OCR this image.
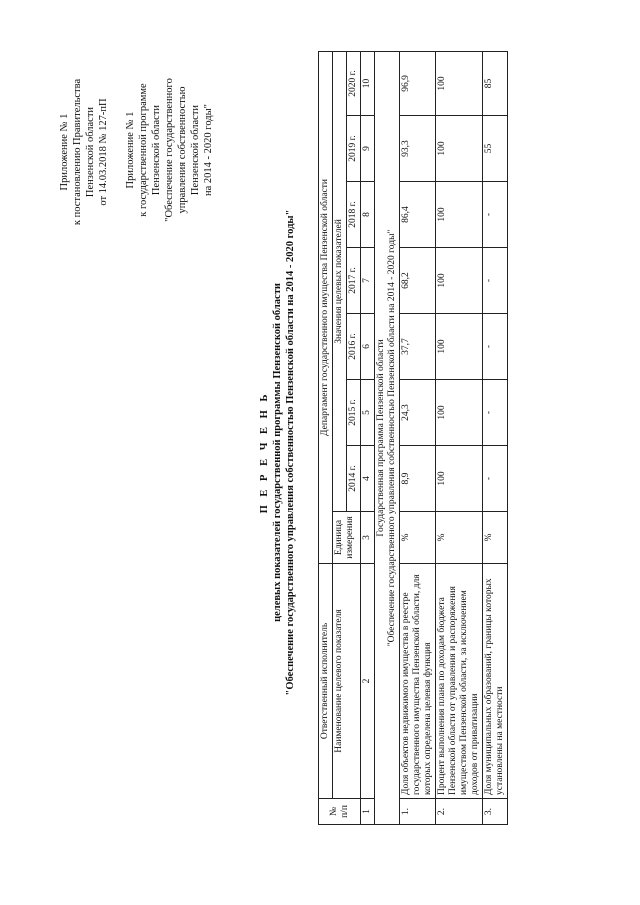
Приложение № 1 к постановлению Правительства Пензенской области от 14.03.2018 № 127-пП Приложение № 1 к государственной программе Пензенской области "Обеспечение государственного управления собственностью Пензенской области на 2014 - 2020 годы"
П Е Р Е Ч Е Н Ь целевых показателей государственной программы Пензенской области "Обеспечение государственного управления собственностью Пензенской области на 2014 - 2020 годы"
№ п/п	Ответственный исполнитель	Департамент государственного имущества Пензенской области							
	Наименование целевого показателя	Единица измерения	Значения целевых показателей						
			2014 г.	2015 г.	2016 г.	2017 г.	2018 г.	2019 г.	2020 г.
1	2	3	4	5	6	7	8	9	10

Государственная программа Пензенской области "Обеспечение государственного управления собственностью Пензенской области на 2014 - 2020 годы"									

1.	Доля объектов недвижимого имущества в реестре государственного имущества Пензенской области, для которых определена целевая функция	%	8,9	24,3	37,7	68,2	86,4	93,3	96,9
2.	Процент выполнения плана по доходам бюджета Пензенской области от управления и распоряжения имуществом Пензенской области, за исключением доходов от приватизации	%	100	100	100	100	100	100	100
3.	Доля муниципальных образований, границы которых установлены на местности	%	-	-	-	-	-	55	85
